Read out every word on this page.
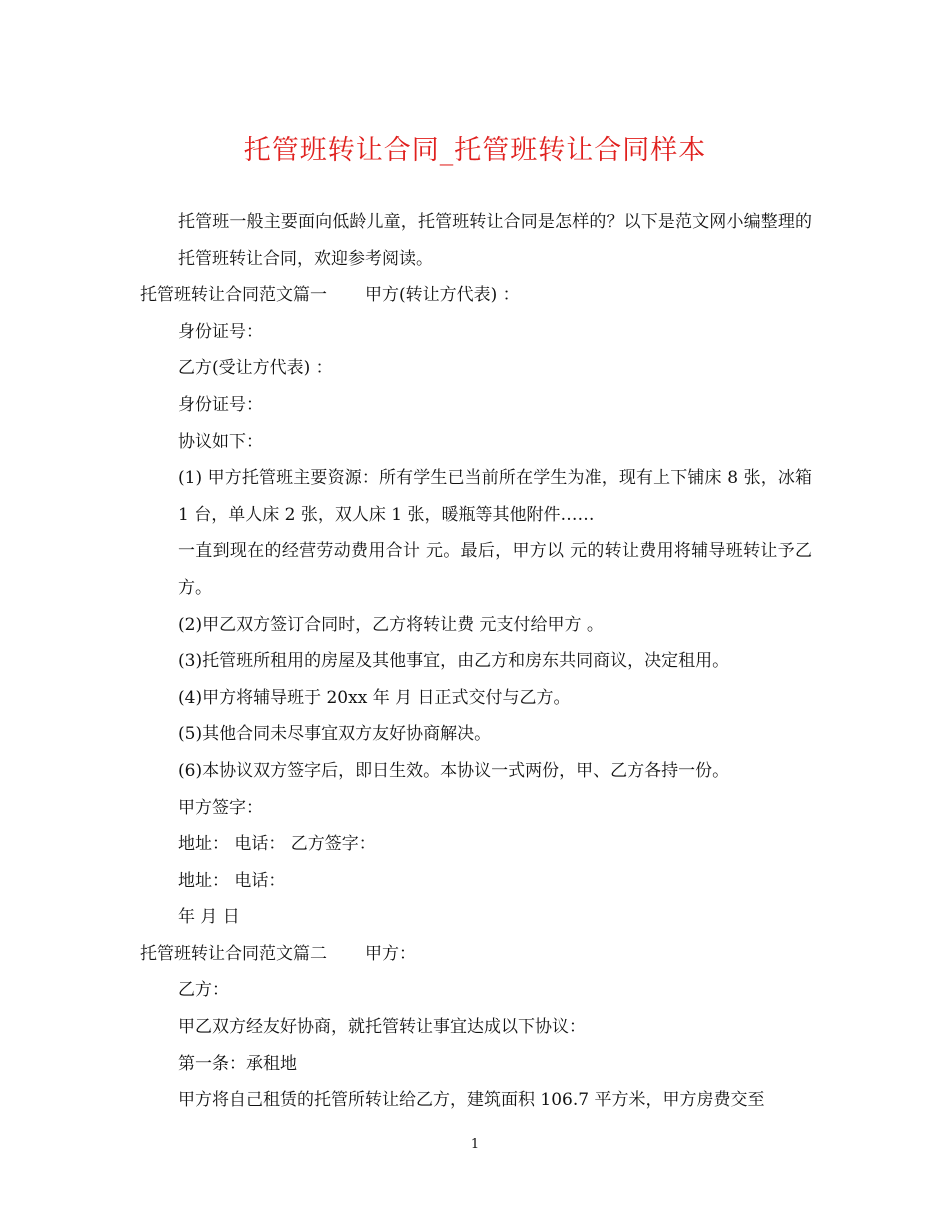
托管班转让合同_托管班转让合同样本

托管班一般主要面向低龄儿童，托管班转让合同是怎样的？以下是范文网小编整理的托管班转让合同，欢迎参考阅读。

托管班转让合同范文篇一 甲方(转让方代表) ：

身份证号：

乙方(受让方代表) ：

身份证号：

协议如下：

(1) 甲方托管班主要资源：所有学生已当前所在学生为准，现有上下铺床 8 张，冰箱 1 台，单人床 2 张，双人床 1 张，暖瓶等其他附件……

一直到现在的经营劳动费用合计 元。最后，甲方以 元的转让费用将辅导班转让予乙方。

(2)甲乙双方签订合同时，乙方将转让费 元支付给甲方 。

(3)托管班所租用的房屋及其他事宜，由乙方和房东共同商议，决定租用。

(4)甲方将辅导班于 20xx 年 月 日正式交付与乙方。

(5)其他合同未尽事宜双方友好协商解决。

(6)本协议双方签字后，即日生效。本协议一式两份，甲、乙方各持一份。

甲方签字：

地址： 电话： 乙方签字：

地址： 电话：

年 月 日

托管班转让合同范文篇二 甲方：

乙方：

甲乙双方经友好协商，就托管转让事宜达成以下协议：

第一条：承租地

甲方将自己租赁的托管所转让给乙方，建筑面积 106.7 平方米，甲方房费交至

1
